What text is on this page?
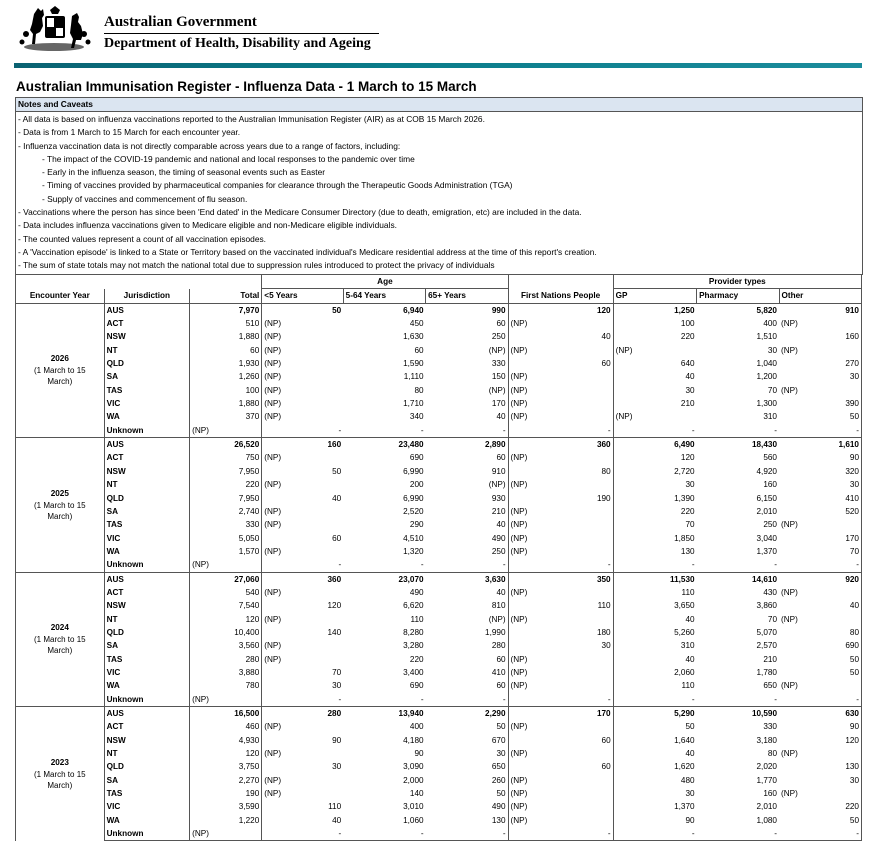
Australian Government
Department of Health, Disability and Ageing
Australian Immunisation Register - Influenza Data - 1 March to 15 March
Notes and Caveats
- All data is based on influenza vaccinations reported to the Australian Immunisation Register (AIR) as at COB 15 March 2026.
- Data is from 1 March to 15 March for each encounter year.
- Influenza vaccination data is not directly comparable across years due to a range of factors, including:
- The impact of the COVID-19 pandemic and national and local responses to the pandemic over time
- Early in the influenza season, the timing of seasonal events such as Easter
- Timing of vaccines provided by pharmaceutical companies for clearance through the Therapeutic Goods Administration (TGA)
- Supply of vaccines and commencement of flu season.
- Vaccinations where the person has since been 'End dated' in the Medicare Consumer Directory (due to death, emigration, etc) are included in the data.
- Data includes influenza vaccinations given to Medicare eligible and non-Medicare eligible individuals.
- The counted values represent a count of all vaccination episodes.
- A 'Vaccination episode' is linked to a State or Territory based on the vaccinated individual's Medicare residential address at the time of this report's creation.
- The sum of state totals may not match the national total due to suppression rules introduced to protect the privacy of individuals
			Age					Provider types				
Encounter Year	Jurisdiction	Total	<5 Years	5-64 Years	65+ Years	First Nations People		GP		Pharmacy	Other	

2026
(1 March to 15 March)	AUS	7,970	50	6,940	990		120		1,250	5,820		910
	ACT	510	(NP)	450	60	(NP)			100	400	(NP)	
	NSW	1,880	(NP)	1,630	250		40		220	1,510		160
	NT	60	(NP)	60	(NP)	(NP)		(NP)		30	(NP)	
	QLD	1,930	(NP)	1,590	330		60		640	1,040		270
	SA	1,260	(NP)	1,110	150	(NP)			40	1,200		30
	TAS	100	(NP)	80	(NP)	(NP)			30	70	(NP)	
	VIC	1,880	(NP)	1,710	170	(NP)			210	1,300		390
	WA	370	(NP)	340	40	(NP)		(NP)		310		50
	Unknown	(NP)	-	-	-		-		-	-		-

2025
(1 March to 15 March)	AUS	26,520	160	23,480	2,890		360		6,490	18,430		1,610
	ACT	750	(NP)	690	60	(NP)			120	560		90
	NSW	7,950	50	6,990	910		80		2,720	4,920		320
	NT	220	(NP)	200	(NP)	(NP)			30	160		30
	QLD	7,950	40	6,990	930		190		1,390	6,150		410
	SA	2,740	(NP)	2,520	210	(NP)			220	2,010		520
	TAS	330	(NP)	290	40	(NP)			70	250	(NP)	
	VIC	5,050	60	4,510	490	(NP)			1,850	3,040		170
	WA	1,570	(NP)	1,320	250	(NP)			130	1,370		70
	Unknown	(NP)	-	-	-		-		-	-		-

2024
(1 March to 15 March)	AUS	27,060	360	23,070	3,630		350		11,530	14,610		920
	ACT	540	(NP)	490	40	(NP)			110	430	(NP)	
	NSW	7,540	120	6,620	810		110		3,650	3,860		40
	NT	120	(NP)	110	(NP)	(NP)			40	70	(NP)	
	QLD	10,400	140	8,280	1,990		180		5,260	5,070		80
	SA	3,560	(NP)	3,280	280		30		310	2,570		690
	TAS	280	(NP)	220	60	(NP)			40	210		50
	VIC	3,880	70	3,400	410	(NP)			2,060	1,780		50
	WA	780	30	690	60	(NP)			110	650	(NP)	
	Unknown	(NP)	-	-	-		-		-	-		-

2023
(1 March to 15 March)	AUS	16,500	280	13,940	2,290		170		5,290	10,590		630
	ACT	460	(NP)	400	50	(NP)			50	330		90
	NSW	4,930	90	4,180	670		60		1,640	3,180		120
	NT	120	(NP)	90	30	(NP)			40	80	(NP)	
	QLD	3,750	30	3,090	650		60		1,620	2,020		130
	SA	2,270	(NP)	2,000	260	(NP)			480	1,770		30
	TAS	190	(NP)	140	50	(NP)			30	160	(NP)	
	VIC	3,590	110	3,010	490	(NP)			1,370	2,010		220
	WA	1,220	40	1,060	130	(NP)			90	1,080		50
	Unknown	(NP)	-	-	-		-		-	-		-
